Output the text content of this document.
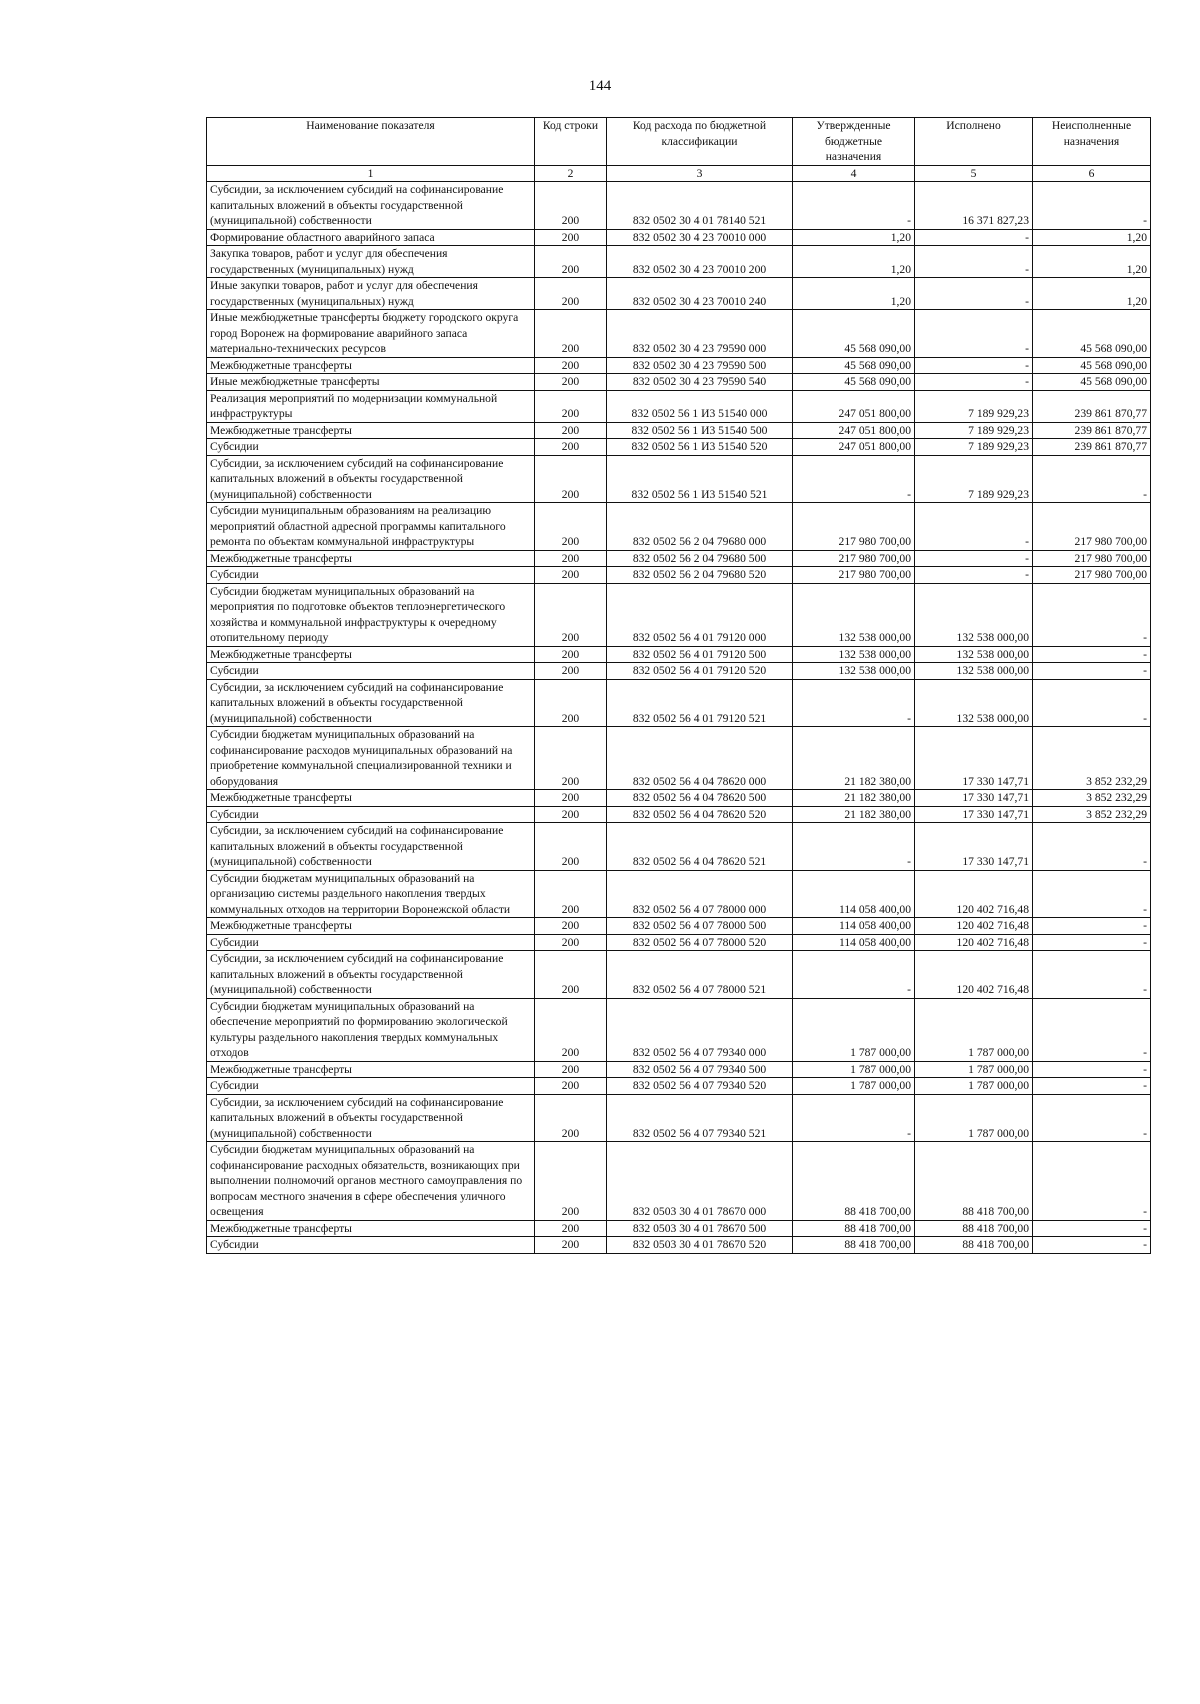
144
Наименование показателя	Код строки	Код расхода по бюджетной классификации	Утвержденные бюджетные назначения	Исполнено	Неисполненные назначения
1	2	3	4	5	6
Субсидии, за исключением субсидий на софинансирование капитальных вложений в объекты государственной (муниципальной) собственности	200	832 0502 30 4 01 78140 521	-	16 371 827,23	-
Формирование областного аварийного запаса	200	832 0502 30 4 23 70010 000	1,20	-	1,20
Закупка товаров, работ и услуг для обеспечения государственных (муниципальных) нужд	200	832 0502 30 4 23 70010 200	1,20	-	1,20
Иные закупки товаров, работ и услуг для обеспечения государственных (муниципальных) нужд	200	832 0502 30 4 23 70010 240	1,20	-	1,20
Иные межбюджетные трансферты бюджету городского округа город Воронеж на формирование аварийного запаса материально-технических ресурсов	200	832 0502 30 4 23 79590 000	45 568 090,00	-	45 568 090,00
Межбюджетные трансферты	200	832 0502 30 4 23 79590 500	45 568 090,00	-	45 568 090,00
Иные межбюджетные трансферты	200	832 0502 30 4 23 79590 540	45 568 090,00	-	45 568 090,00
Реализация мероприятий по модернизации коммунальной инфраструктуры	200	832 0502 56 1 И3 51540 000	247 051 800,00	7 189 929,23	239 861 870,77
Межбюджетные трансферты	200	832 0502 56 1 И3 51540 500	247 051 800,00	7 189 929,23	239 861 870,77
Субсидии	200	832 0502 56 1 И3 51540 520	247 051 800,00	7 189 929,23	239 861 870,77
Субсидии, за исключением субсидий на софинансирование капитальных вложений в объекты государственной (муниципальной) собственности	200	832 0502 56 1 И3 51540 521	-	7 189 929,23	-
Субсидии муниципальным образованиям на реализацию мероприятий областной адресной программы капитального ремонта по объектам коммунальной инфраструктуры	200	832 0502 56 2 04 79680 000	217 980 700,00	-	217 980 700,00
Межбюджетные трансферты	200	832 0502 56 2 04 79680 500	217 980 700,00	-	217 980 700,00
Субсидии	200	832 0502 56 2 04 79680 520	217 980 700,00	-	217 980 700,00
Субсидии бюджетам муниципальных образований на мероприятия по подготовке объектов теплоэнергетического хозяйства и коммунальной инфраструктуры к очередному отопительному периоду	200	832 0502 56 4 01 79120 000	132 538 000,00	132 538 000,00	-
Межбюджетные трансферты	200	832 0502 56 4 01 79120 500	132 538 000,00	132 538 000,00	-
Субсидии	200	832 0502 56 4 01 79120 520	132 538 000,00	132 538 000,00	-
Субсидии, за исключением субсидий на софинансирование капитальных вложений в объекты государственной (муниципальной) собственности	200	832 0502 56 4 01 79120 521	-	132 538 000,00	-
Субсидии бюджетам муниципальных образований на софинансирование расходов муниципальных образований на приобретение коммунальной специализированной техники и оборудования	200	832 0502 56 4 04 78620 000	21 182 380,00	17 330 147,71	3 852 232,29
Межбюджетные трансферты	200	832 0502 56 4 04 78620 500	21 182 380,00	17 330 147,71	3 852 232,29
Субсидии	200	832 0502 56 4 04 78620 520	21 182 380,00	17 330 147,71	3 852 232,29
Субсидии, за исключением субсидий на софинансирование капитальных вложений в объекты государственной (муниципальной) собственности	200	832 0502 56 4 04 78620 521	-	17 330 147,71	-
Субсидии бюджетам муниципальных образований на организацию системы раздельного накопления твердых коммунальных отходов на территории Воронежской области	200	832 0502 56 4 07 78000 000	114 058 400,00	120 402 716,48	-
Межбюджетные трансферты	200	832 0502 56 4 07 78000 500	114 058 400,00	120 402 716,48	-
Субсидии	200	832 0502 56 4 07 78000 520	114 058 400,00	120 402 716,48	-
Субсидии, за исключением субсидий на софинансирование капитальных вложений в объекты государственной (муниципальной) собственности	200	832 0502 56 4 07 78000 521	-	120 402 716,48	-
Субсидии бюджетам муниципальных образований на обеспечение мероприятий по формированию экологической культуры раздельного накопления твердых коммунальных отходов	200	832 0502 56 4 07 79340 000	1 787 000,00	1 787 000,00	-
Межбюджетные трансферты	200	832 0502 56 4 07 79340 500	1 787 000,00	1 787 000,00	-
Субсидии	200	832 0502 56 4 07 79340 520	1 787 000,00	1 787 000,00	-
Субсидии, за исключением субсидий на софинансирование капитальных вложений в объекты государственной (муниципальной) собственности	200	832 0502 56 4 07 79340 521	-	1 787 000,00	-
Субсидии бюджетам муниципальных образований на софинансирование расходных обязательств, возникающих при выполнении полномочий органов местного самоуправления по вопросам местного значения в сфере обеспечения уличного освещения	200	832 0503 30 4 01 78670 000	88 418 700,00	88 418 700,00	-
Межбюджетные трансферты	200	832 0503 30 4 01 78670 500	88 418 700,00	88 418 700,00	-
Субсидии	200	832 0503 30 4 01 78670 520	88 418 700,00	88 418 700,00	-
